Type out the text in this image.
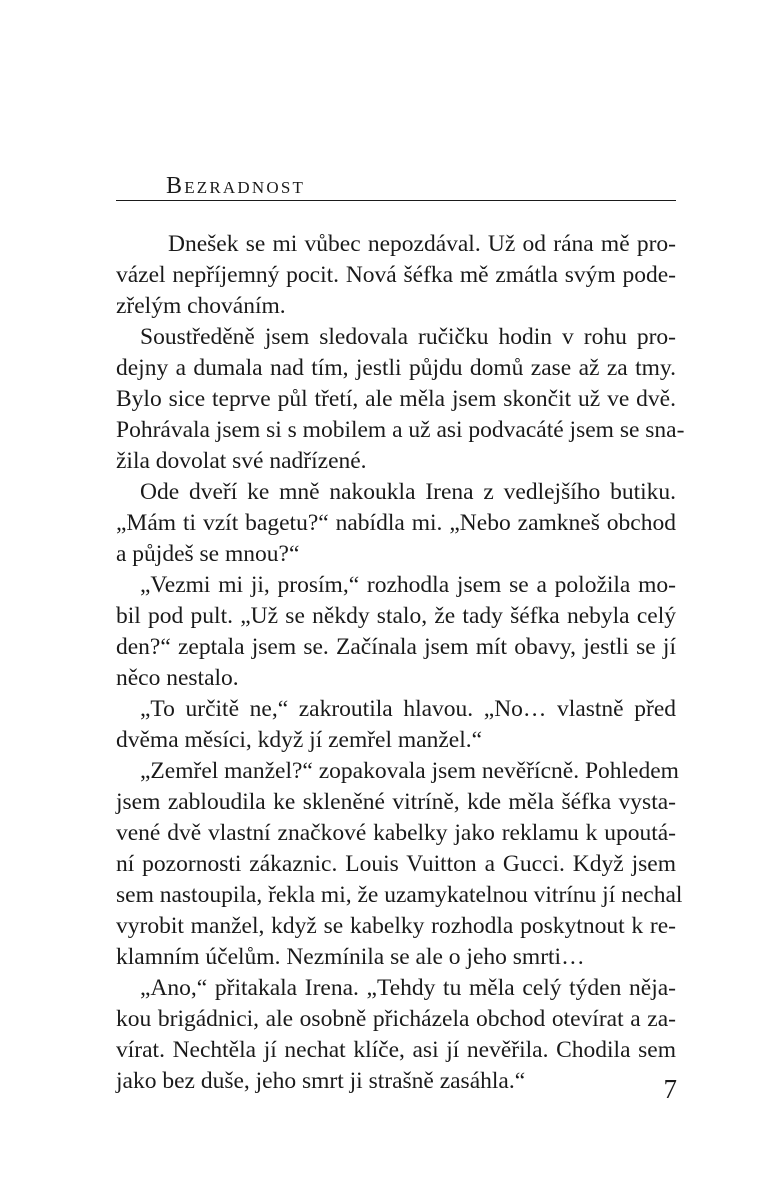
Bezradnost
Dnešek se mi vůbec nepozdával. Už od rána mě pro-
vázel nepříjemný pocit. Nová šéfka mě zmátla svým pode-
zřelým chováním.
Soustředěně jsem sledovala ručičku hodin v rohu pro-
dejny a dumala nad tím, jestli půjdu domů zase až za tmy.
Bylo sice teprve půl třetí, ale měla jsem skončit už ve dvě.
Pohrávala jsem si s mobilem a už asi podvacáté jsem se sna-
žila dovolat své nadřízené.
Ode dveří ke mně nakoukla Irena z vedlejšího butiku.
„Mám ti vzít bagetu?“ nabídla mi. „Nebo zamkneš obchod
a půjdeš se mnou?“
„Vezmi mi ji, prosím,“ rozhodla jsem se a položila mo-
bil pod pult. „Už se někdy stalo, že tady šéfka nebyla celý
den?“ zeptala jsem se. Začínala jsem mít obavy, jestli se jí
něco nestalo.
„To určitě ne,“ zakroutila hlavou. „No… vlastně před
dvěma měsíci, když jí zemřel manžel.“
„Zemřel manžel?“ zopakovala jsem nevěřícně. Pohledem
jsem zabloudila ke skleněné vitríně, kde měla šéfka vysta-
vené dvě vlastní značkové kabelky jako reklamu k upoutá-
ní pozornosti zákaznic. Louis Vuitton a Gucci. Když jsem
sem nastoupila, řekla mi, že uzamykatelnou vitrínu jí nechal
vyrobit manžel, když se kabelky rozhodla poskytnout k re-
klamním účelům. Nezmínila se ale o jeho smrti…
„Ano,“ přitakala Irena. „Tehdy tu měla celý týden něja-
kou brigádnici, ale osobně přicházela obchod otevírat a za-
vírat. Nechtěla jí nechat klíče, asi jí nevěřila. Chodila sem
jako bez duše, jeho smrt ji strašně zasáhla.“	7
